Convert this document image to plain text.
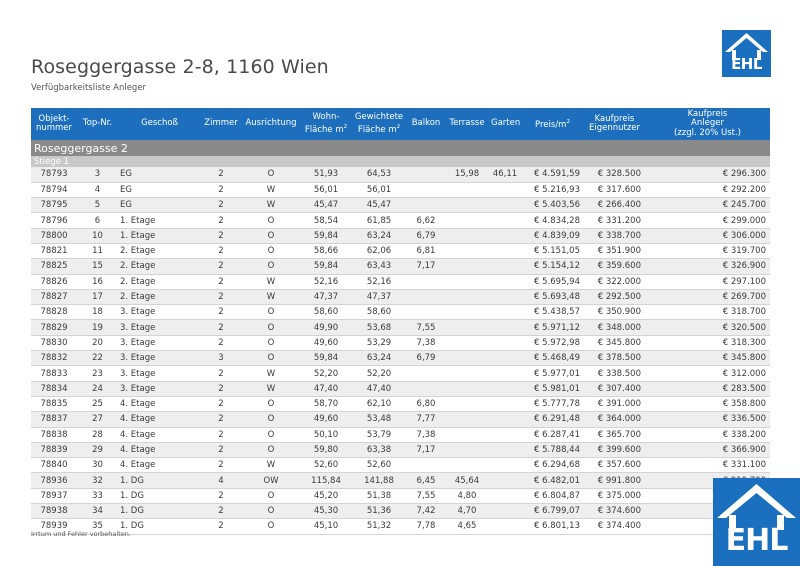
Roseggergasse 2-8, 1160 Wien
Verfügbarkeitsliste Anleger
EHL
Objekt-
nummer	Top-Nr.	Geschoß	Zimmer	Ausrichtung	Wohn-
Fläche $m^2$	Gewichtete
Fläche $m^2$	Balkon	Terrasse	Garten	Preis/$m^2$	Kaufpreis
Eigennutzer	Kaufpreis
Anleger
(zzgl. 20% Ust.)
Roseggergasse 2												
Stiege 1												
78793	3	EG	2	O	51,93	64,53		15,98	46,11	€ 4.591,59	€ 328.500	€ 296.300
78794	4	EG	2	W	56,01	56,01				€ 5.216,93	€ 317.600	€ 292.200
78795	5	EG	2	W	45,47	45,47				€ 5.403,56	€ 266.400	€ 245.700
78796	6	1. Etage	2	O	58,54	61,85	6,62			€ 4.834,28	€ 331.200	€ 299.000
78800	10	1. Etage	2	O	59,84	63,24	6,79			€ 4.839,09	€ 338.700	€ 306.000
78821	11	2. Etage	2	O	58,66	62,06	6,81			€ 5.151,05	€ 351.900	€ 319.700
78825	15	2. Etage	2	O	59,84	63,43	7,17			€ 5.154,12	€ 359.600	€ 326.900
78826	16	2. Etage	2	W	52,16	52,16				€ 5.695,94	€ 322.000	€ 297.100
78827	17	2. Etage	2	W	47,37	47,37				€ 5.693,48	€ 292.500	€ 269.700
78828	18	3. Etage	2	O	58,60	58,60				€ 5.438,57	€ 350.900	€ 318.700
78829	19	3. Etage	2	O	49,90	53,68	7,55			€ 5.971,12	€ 348.000	€ 320.500
78830	20	3. Etage	2	O	49,60	53,29	7,38			€ 5.972,98	€ 345.800	€ 318.300
78832	22	3. Etage	3	O	59,84	63,24	6,79			€ 5.468,49	€ 378.500	€ 345.800
78833	23	3. Etage	2	W	52,20	52,20				€ 5.977,01	€ 338.500	€ 312.000
78834	24	3. Etage	2	W	47,40	47,40				€ 5.981,01	€ 307.400	€ 283.500
78835	25	4. Etage	2	O	58,70	62,10	6,80			€ 5.777,78	€ 391.000	€ 358.800
78837	27	4. Etage	2	O	49,60	53,48	7,77			€ 6.291,48	€ 364.000	€ 336.500
78838	28	4. Etage	2	O	50,10	53,79	7,38			€ 6.287,41	€ 365.700	€ 338.200
78839	29	4. Etage	2	O	59,80	63,38	7,17			€ 5.788,44	€ 399.600	€ 366.900
78840	30	4. Etage	2	W	52,60	52,60				€ 6.294,68	€ 357.600	€ 331.100
78936	32	1. DG	4	OW	115,84	141,88	6,45	45,64		€ 6.482,01	€ 991.800	
78937	33	1. DG	2	O	45,20	51,38	7,55	4,80		€ 6.804,87	€ 375.000	
78938	34	1. DG	2	O	45,30	51,36	7,42	4,70		€ 6.799,07	€ 374.600	
78939	35	1. DG	2	O	45,10	51,32	7,78	4,65		€ 6.801,13	€ 374.400	
Irrtum und Fehler vorbehalten.	EHL
